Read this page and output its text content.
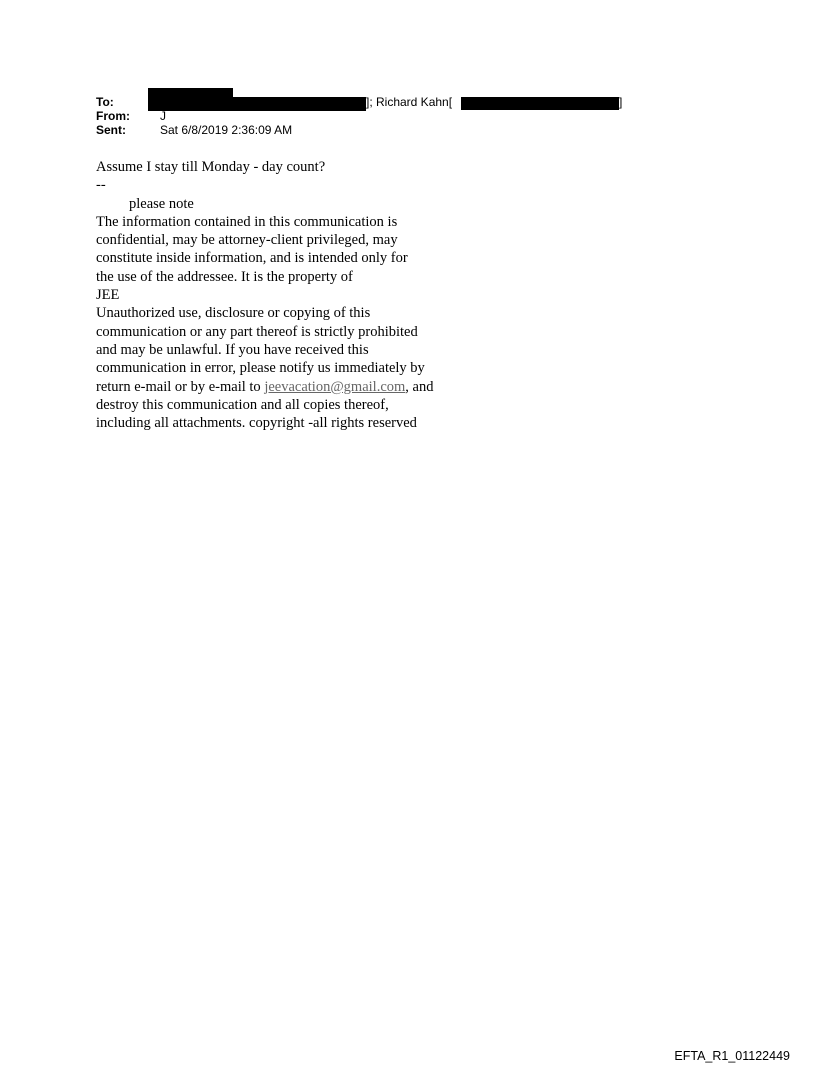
To:	]; Richard Kahn[	]
From:	J
Sent:	Sat 6/8/2019 2:36:09 AM

Assume I stay till Monday - day count?

--

please note

The information contained in this communication is

confidential, may be attorney-client privileged, may

constitute inside information, and is intended only for

the use of the addressee. It is the property of

JEE

Unauthorized use, disclosure or copying of this

communication or any part thereof is strictly prohibited

and may be unlawful. If you have received this

communication in error, please notify us immediately by

return e-mail or by e-mail to jeevacation@gmail.com, and

destroy this communication and all copies thereof,

including all attachments. copyright -all rights reserved

EFTA_R1_01122449
